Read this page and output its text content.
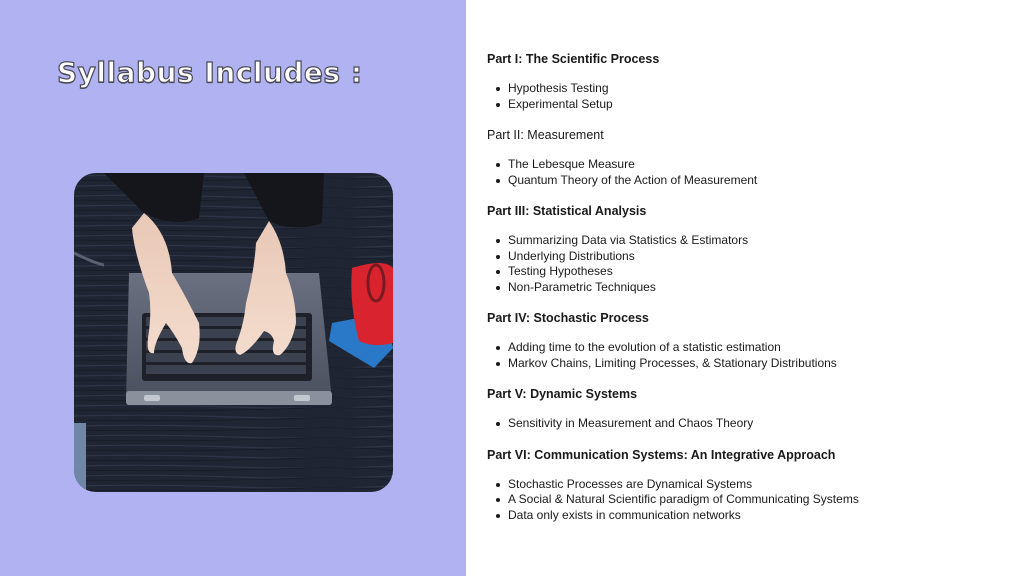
Syllabus Includes :	Part I: The Scientific Process
Hypothesis Testing
Experimental Setup
Part II: Measurement
The Lebesque Measure
Quantum Theory of the Action of Measurement
Part III: Statistical Analysis
Summarizing Data via Statistics & Estimators
Underlying Distributions
Testing Hypotheses
Non-Parametric Techniques
Part IV: Stochastic Process
Adding time to the evolution of a statistic estimation
Markov Chains, Limiting Processes, & Stationary Distributions
Part V: Dynamic Systems
Sensitivity in Measurement and Chaos Theory
Part VI: Communication Systems: An Integrative Approach
Stochastic Processes are Dynamical Systems
A Social & Natural Scientific paradigm of Communicating Systems
Data only exists in communication networks
